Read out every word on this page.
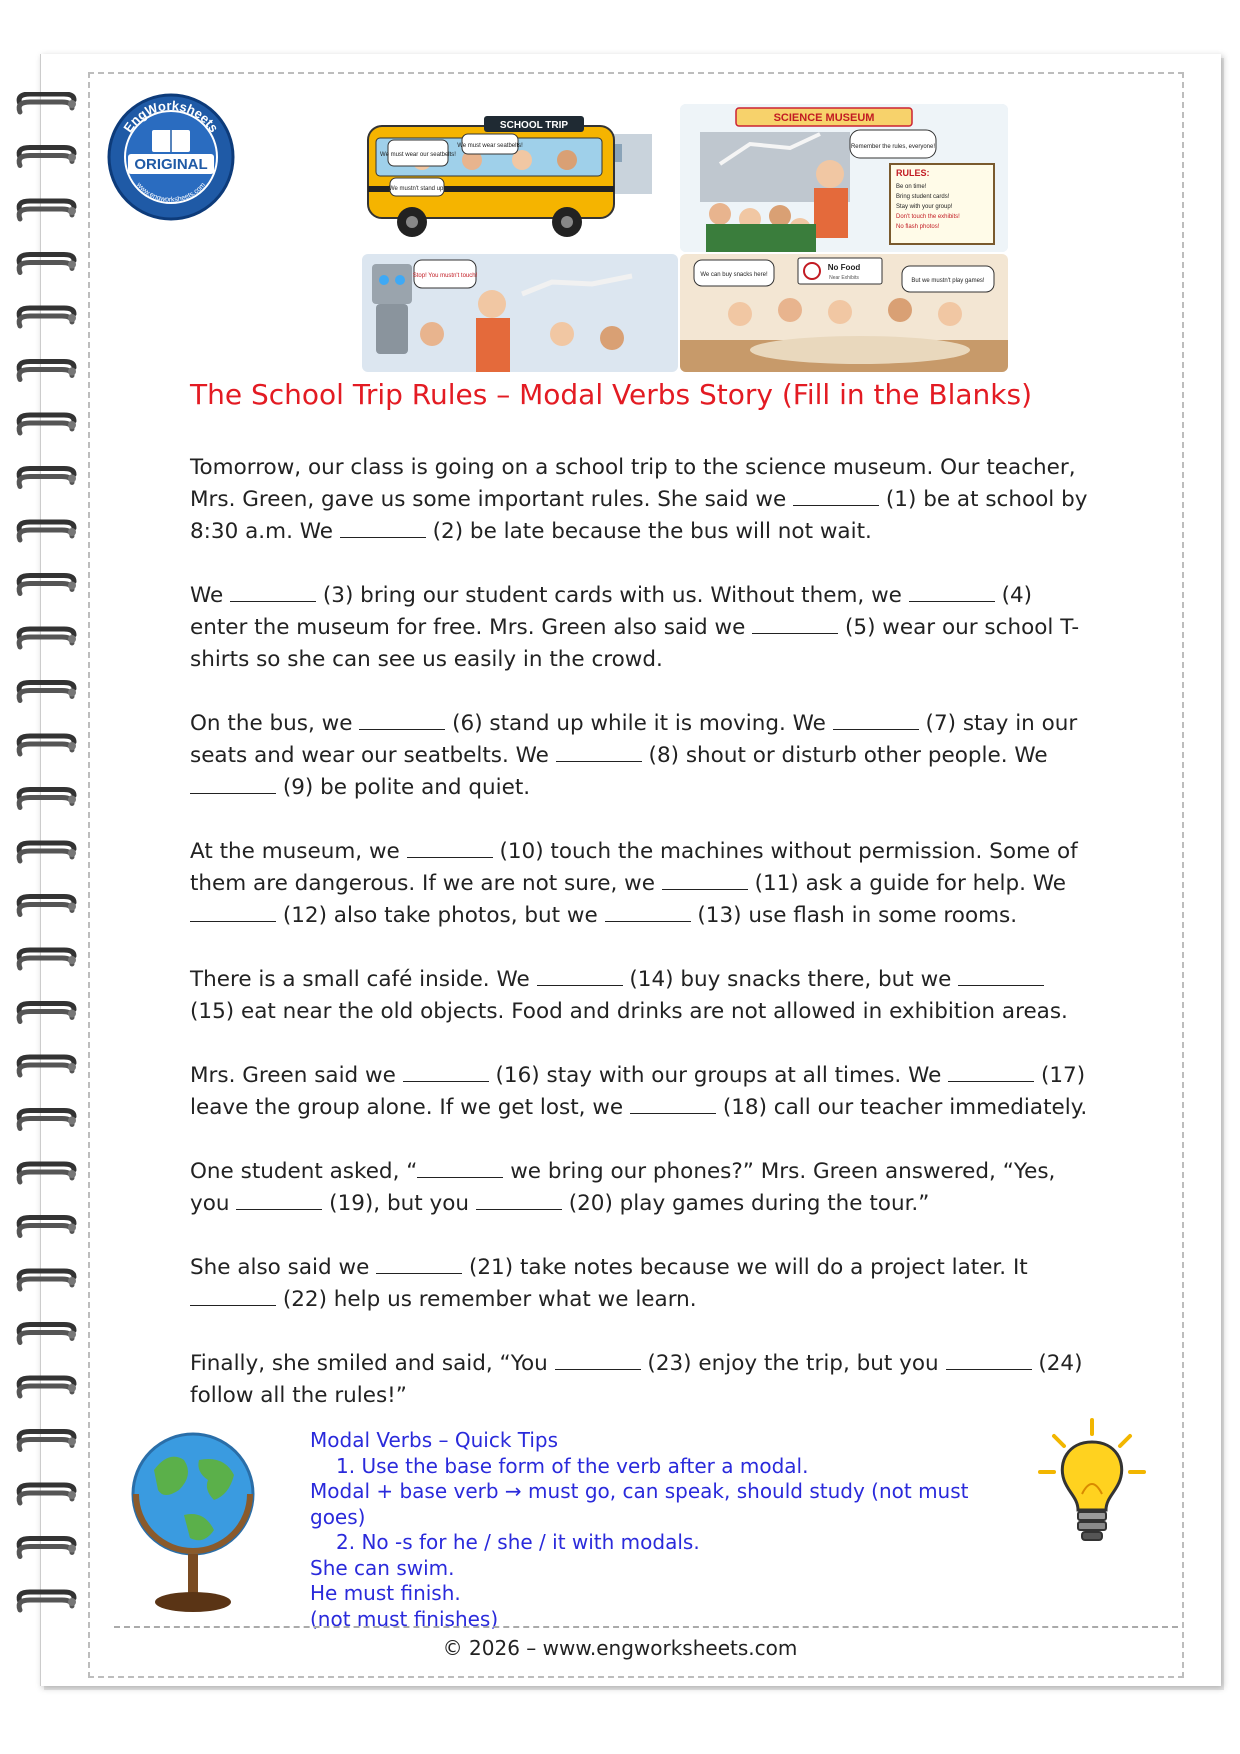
EngWorksheets
www.engworksheets.com
ORIGINAL
SCHOOL TRIP
We must wear our seatbelts!
We must wear seatbelts!
We mustn't stand up!
SCIENCE MUSEUM
Remember the rules, everyone!
RULES:
Be on time!
Bring student cards!
Stay with your group!
Don't touch the exhibits!
No flash photos!
Stop! You mustn't touch!	We can buy snacks here!
No Food
Near Exhibits	But we mustn't play games!
The School Trip Rules – Modal Verbs Story (Fill in the Blanks)

Tomorrow, our class is going on a school trip to the science museum. Our teacher, Mrs. Green, gave us some important rules. She said we	(1) be at school by 8:30 a.m. We	(2) be late because the bus will not wait.

We	(3) bring our student cards with us. Without them, we	(4) enter the museum for free. Mrs. Green also said we	(5) wear our school T-shirts so she can see us easily in the crowd.

On the bus, we	(6) stand up while it is moving. We	(7) stay in our seats and wear our seatbelts. We	(8) shout or disturb other people. We  (9) be polite and quiet.

At the museum, we	(10) touch the machines without permission. Some of them are dangerous. If we are not sure, we	(11) ask a guide for help. We  (12) also take photos, but we	(13) use flash in some rooms.

There is a small café inside. We	(14) buy snacks there, but we  (15) eat near the old objects. Food and drinks are not allowed in exhibition areas.

Mrs. Green said we	(16) stay with our groups at all times. We	(17) leave the group alone. If we get lost, we	(18) call our teacher immediately.

One student asked, “	we bring our phones?” Mrs. Green answered, “Yes, you	(19), but you	(20) play games during the tour.”

She also said we	(21) take notes because we will do a project later. It  (22) help us remember what we learn.

Finally, she smiled and said, “You	(23) enjoy the trip, but you	(24) follow all the rules!”

Modal Verbs – Quick Tips
1. Use the base form of the verb after a modal.
Modal + base verb → must go, can speak, should study (not must goes)
2. No -s for he / she / it with modals.
She can swim.
He must finish.
(not must finishes)
© 2026 – www.engworksheets.com
